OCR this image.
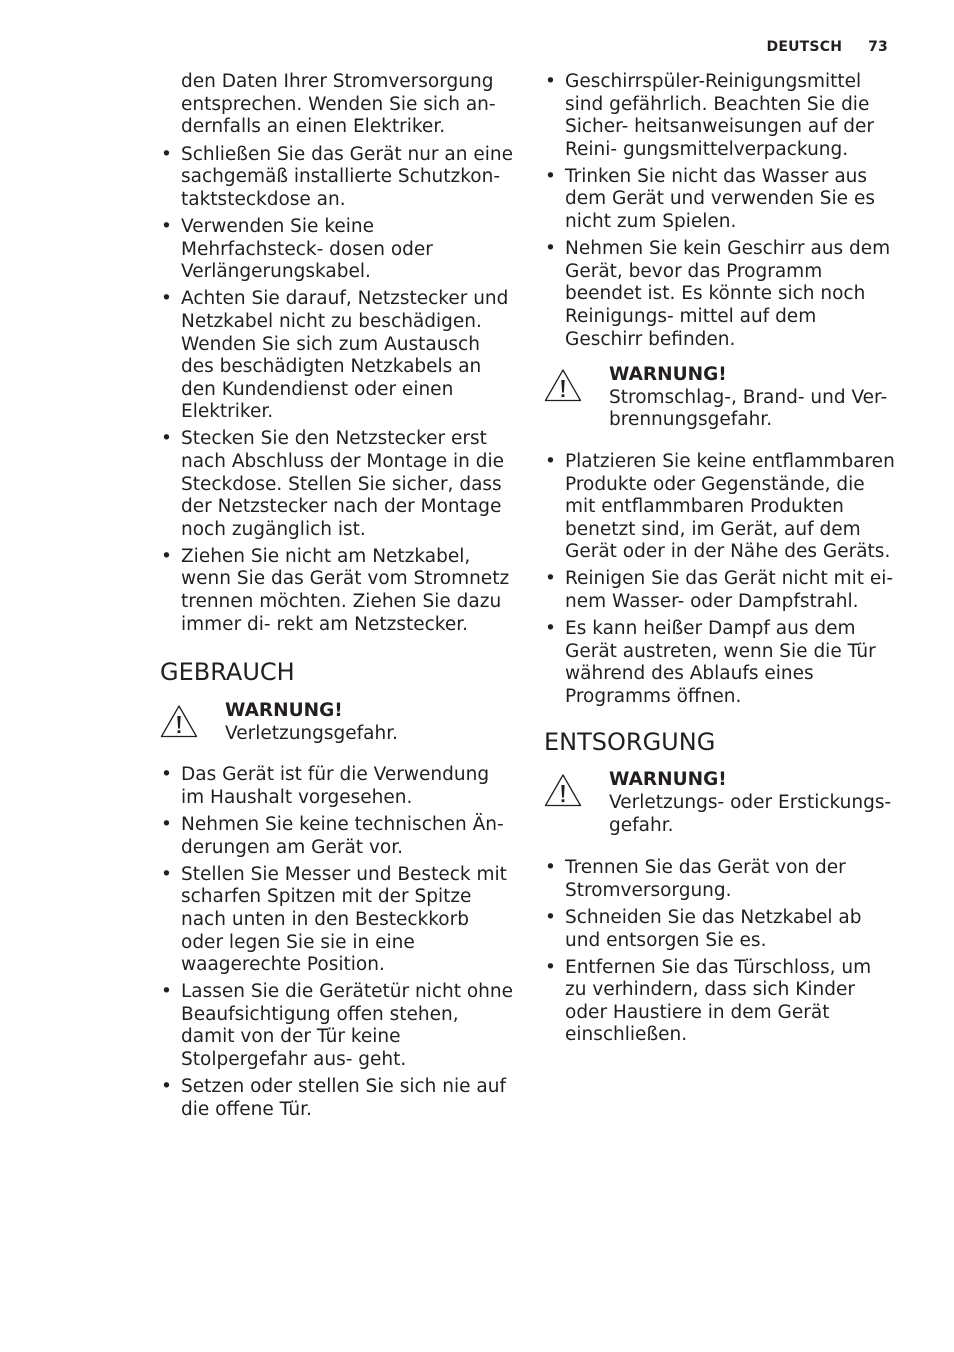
DEUTSCH 73
den Daten Ihrer Stromversorgung entsprechen. Wenden Sie sich an- dernfalls an einen Elektriker.
• Schließen Sie das Gerät nur an eine sachgemäß installierte Schutzkon- taktsteckdose an.
• Verwenden Sie keine Mehrfachsteck- dosen oder Verlängerungskabel.
• Achten Sie darauf, Netzstecker und Netzkabel nicht zu beschädigen. Wenden Sie sich zum Austausch des beschädigten Netzkabels an den Kundendienst oder einen Elektriker.
• Stecken Sie den Netzstecker erst nach Abschluss der Montage in die Steckdose. Stellen Sie sicher, dass der Netzstecker nach der Montage noch zugänglich ist.
• Ziehen Sie nicht am Netzkabel, wenn Sie das Gerät vom Stromnetz trennen möchten. Ziehen Sie dazu immer di- rekt am Netzstecker.
GEBRAUCH
WARNUNG!
Verletzungsgefahr.
• Das Gerät ist für die Verwendung im Haushalt vorgesehen.
• Nehmen Sie keine technischen Än- derungen am Gerät vor.
• Stellen Sie Messer und Besteck mit scharfen Spitzen mit der Spitze nach unten in den Besteckkorb oder legen Sie sie in eine waagerechte Position.
• Lassen Sie die Gerätetür nicht ohne Beaufsichtigung offen stehen, damit von der Tür keine Stolpergefahr aus- geht.
• Setzen oder stellen Sie sich nie auf die offene Tür.
• Geschirrspüler-Reinigungsmittel sind gefährlich. Beachten Sie die Sicher- heitsanweisungen auf der Reini- gungsmittelverpackung.
• Trinken Sie nicht das Wasser aus dem Gerät und verwenden Sie es nicht zum Spielen.
• Nehmen Sie kein Geschirr aus dem Gerät, bevor das Programm beendet ist. Es könnte sich noch Reinigungs- mittel auf dem Geschirr befinden.
WARNUNG!
Stromschlag-, Brand- und Ver- brennungsgefahr.
• Platzieren Sie keine entflammbaren Produkte oder Gegenstände, die mit entflammbaren Produkten benetzt sind, im Gerät, auf dem Gerät oder in der Nähe des Geräts.
• Reinigen Sie das Gerät nicht mit ei- nem Wasser- oder Dampfstrahl.
• Es kann heißer Dampf aus dem Gerät austreten, wenn Sie die Tür während des Ablaufs eines Programms öffnen.
ENTSORGUNG
WARNUNG!
Verletzungs- oder Erstickungs- gefahr.
• Trennen Sie das Gerät von der Stromversorgung.
• Schneiden Sie das Netzkabel ab und entsorgen Sie es.
• Entfernen Sie das Türschloss, um zu verhindern, dass sich Kinder oder Haustiere in dem Gerät einschließen.
